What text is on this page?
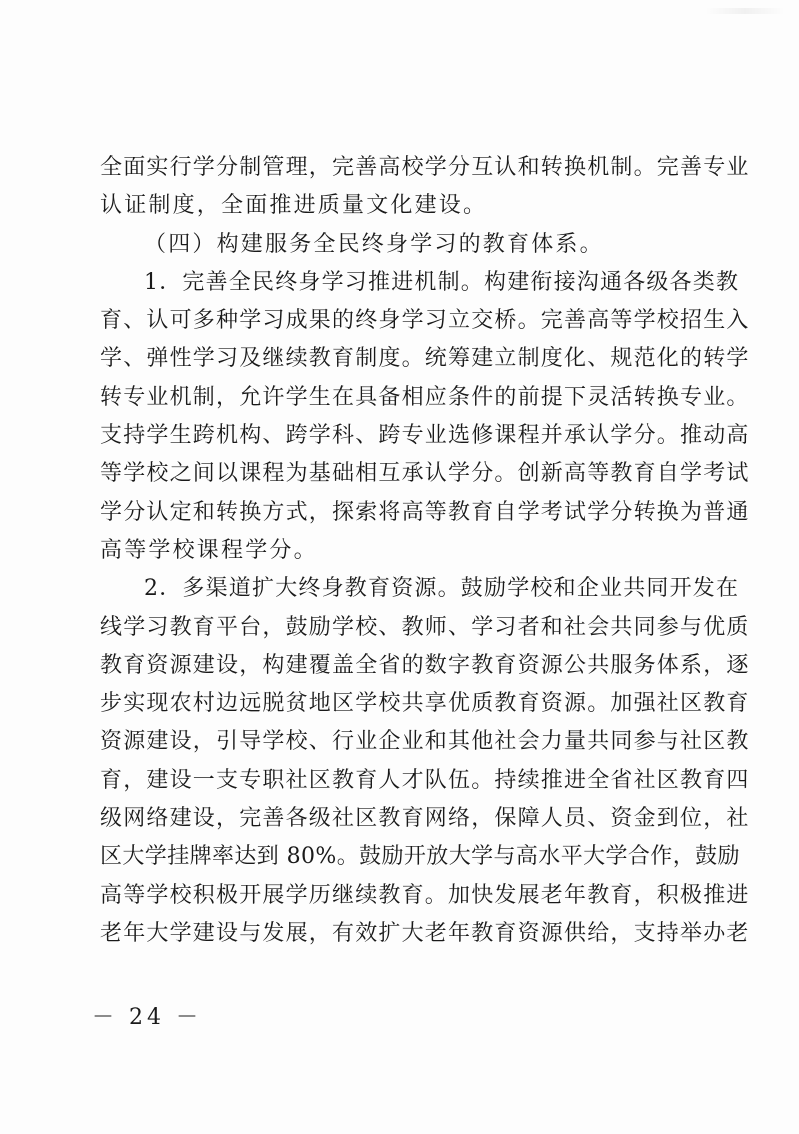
全面实行学分制管理，完善高校学分互认和转换机制。完善专业
认证制度，全面推进质量文化建设。
（四）构建服务全民终身学习的教育体系。
1．完善全民终身学习推进机制。构建衔接沟通各级各类教
育、认可多种学习成果的终身学习立交桥。完善高等学校招生入
学、弹性学习及继续教育制度。统筹建立制度化、规范化的转学
转专业机制，允许学生在具备相应条件的前提下灵活转换专业。
支持学生跨机构、跨学科、跨专业选修课程并承认学分。推动高
等学校之间以课程为基础相互承认学分。创新高等教育自学考试
学分认定和转换方式，探索将高等教育自学考试学分转换为普通
高等学校课程学分。
2．多渠道扩大终身教育资源。鼓励学校和企业共同开发在
线学习教育平台，鼓励学校、教师、学习者和社会共同参与优质
教育资源建设，构建覆盖全省的数字教育资源公共服务体系，逐
步实现农村边远脱贫地区学校共享优质教育资源。加强社区教育
资源建设，引导学校、行业企业和其他社会力量共同参与社区教
育，建设一支专职社区教育人才队伍。持续推进全省社区教育四
级网络建设，完善各级社区教育网络，保障人员、资金到位，社
区大学挂牌率达到 80%。鼓励开放大学与高水平大学合作，鼓励
高等学校积极开展学历继续教育。加快发展老年教育，积极推进
老年大学建设与发展，有效扩大老年教育资源供给，支持举办老
－ 24 －
